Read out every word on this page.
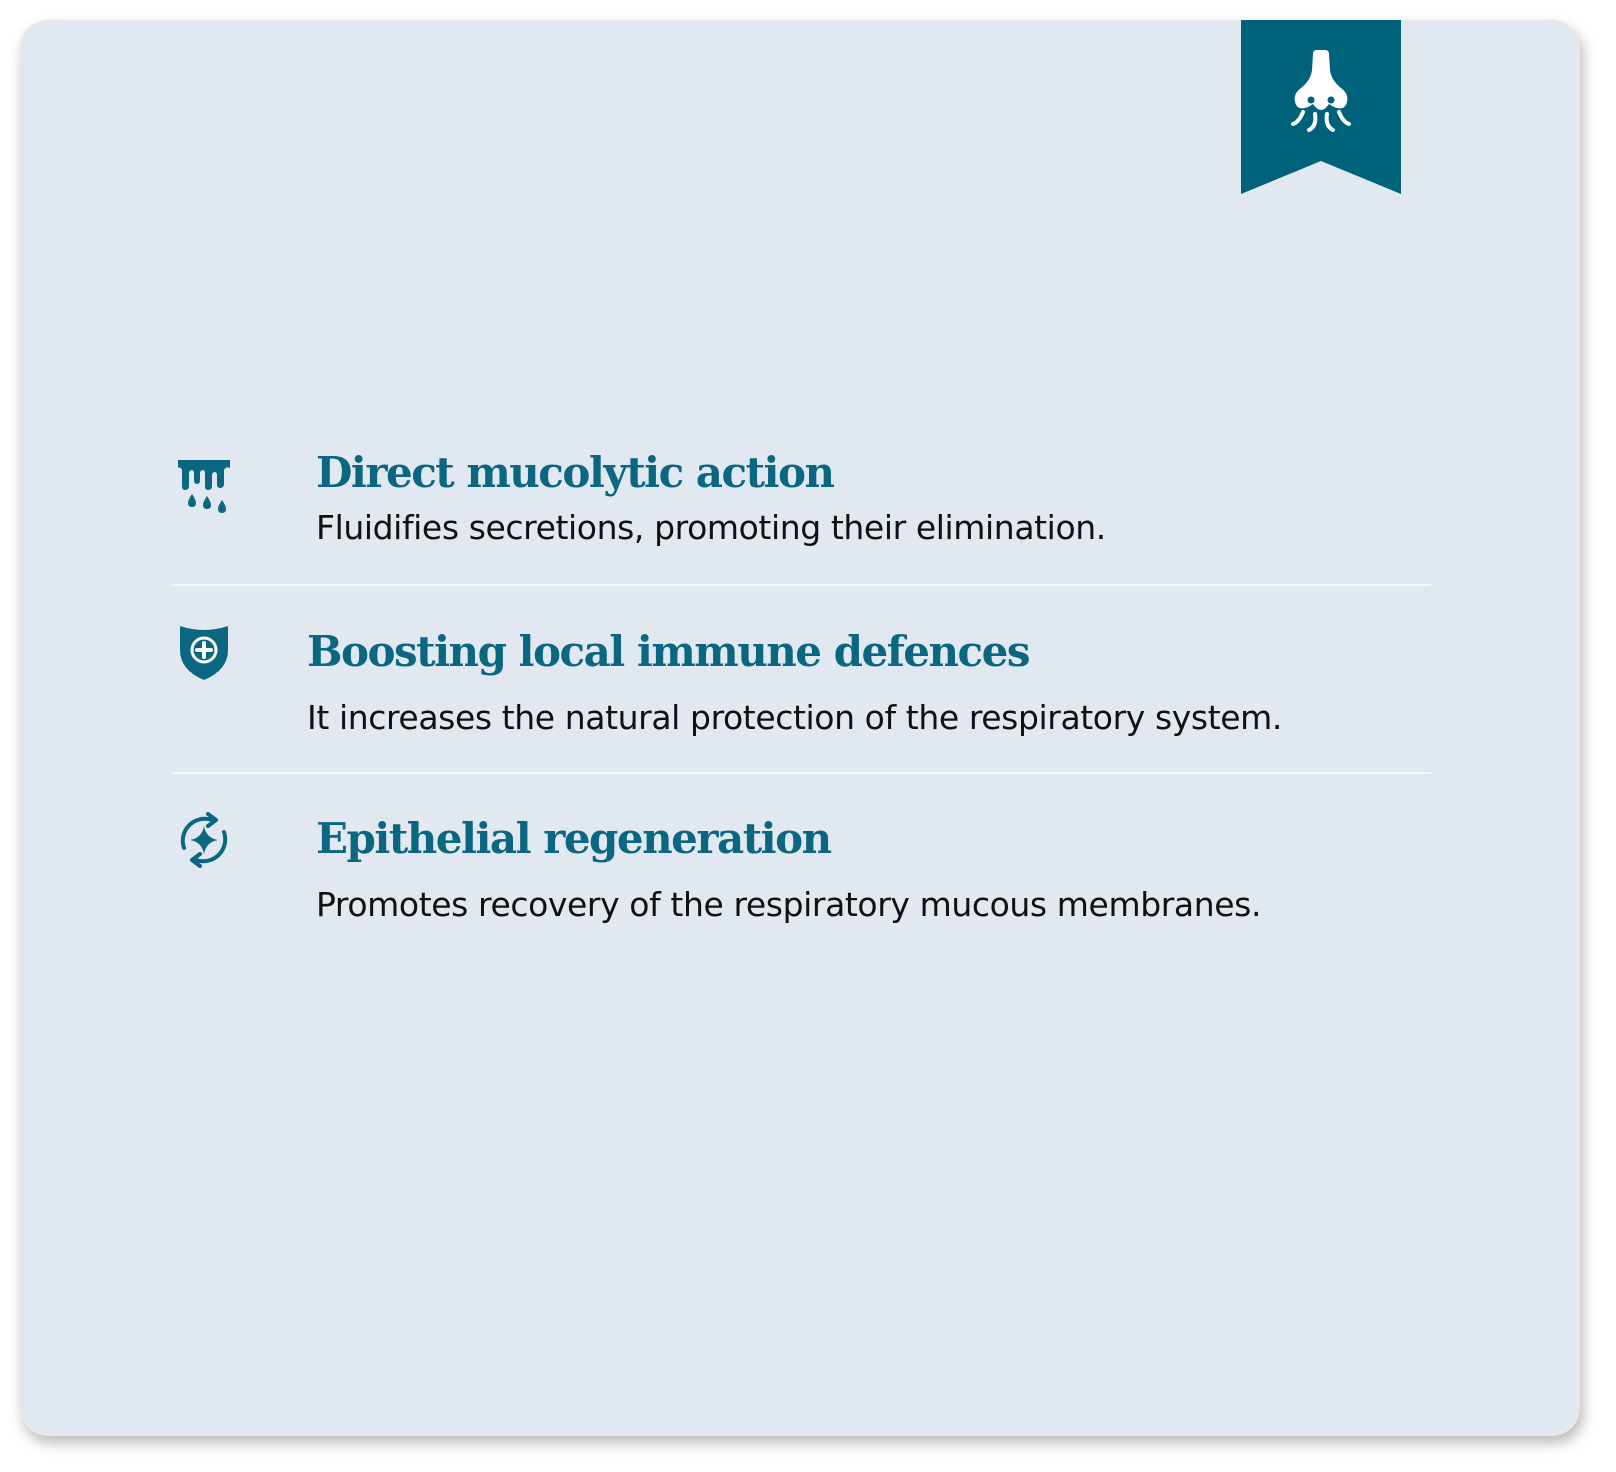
Direct mucolytic action

Fluidifies secretions, promoting their elimination.

Boosting local immune defences

It increases the natural protection of the respiratory system.

Epithelial regeneration

Promotes recovery of the respiratory mucous membranes.
